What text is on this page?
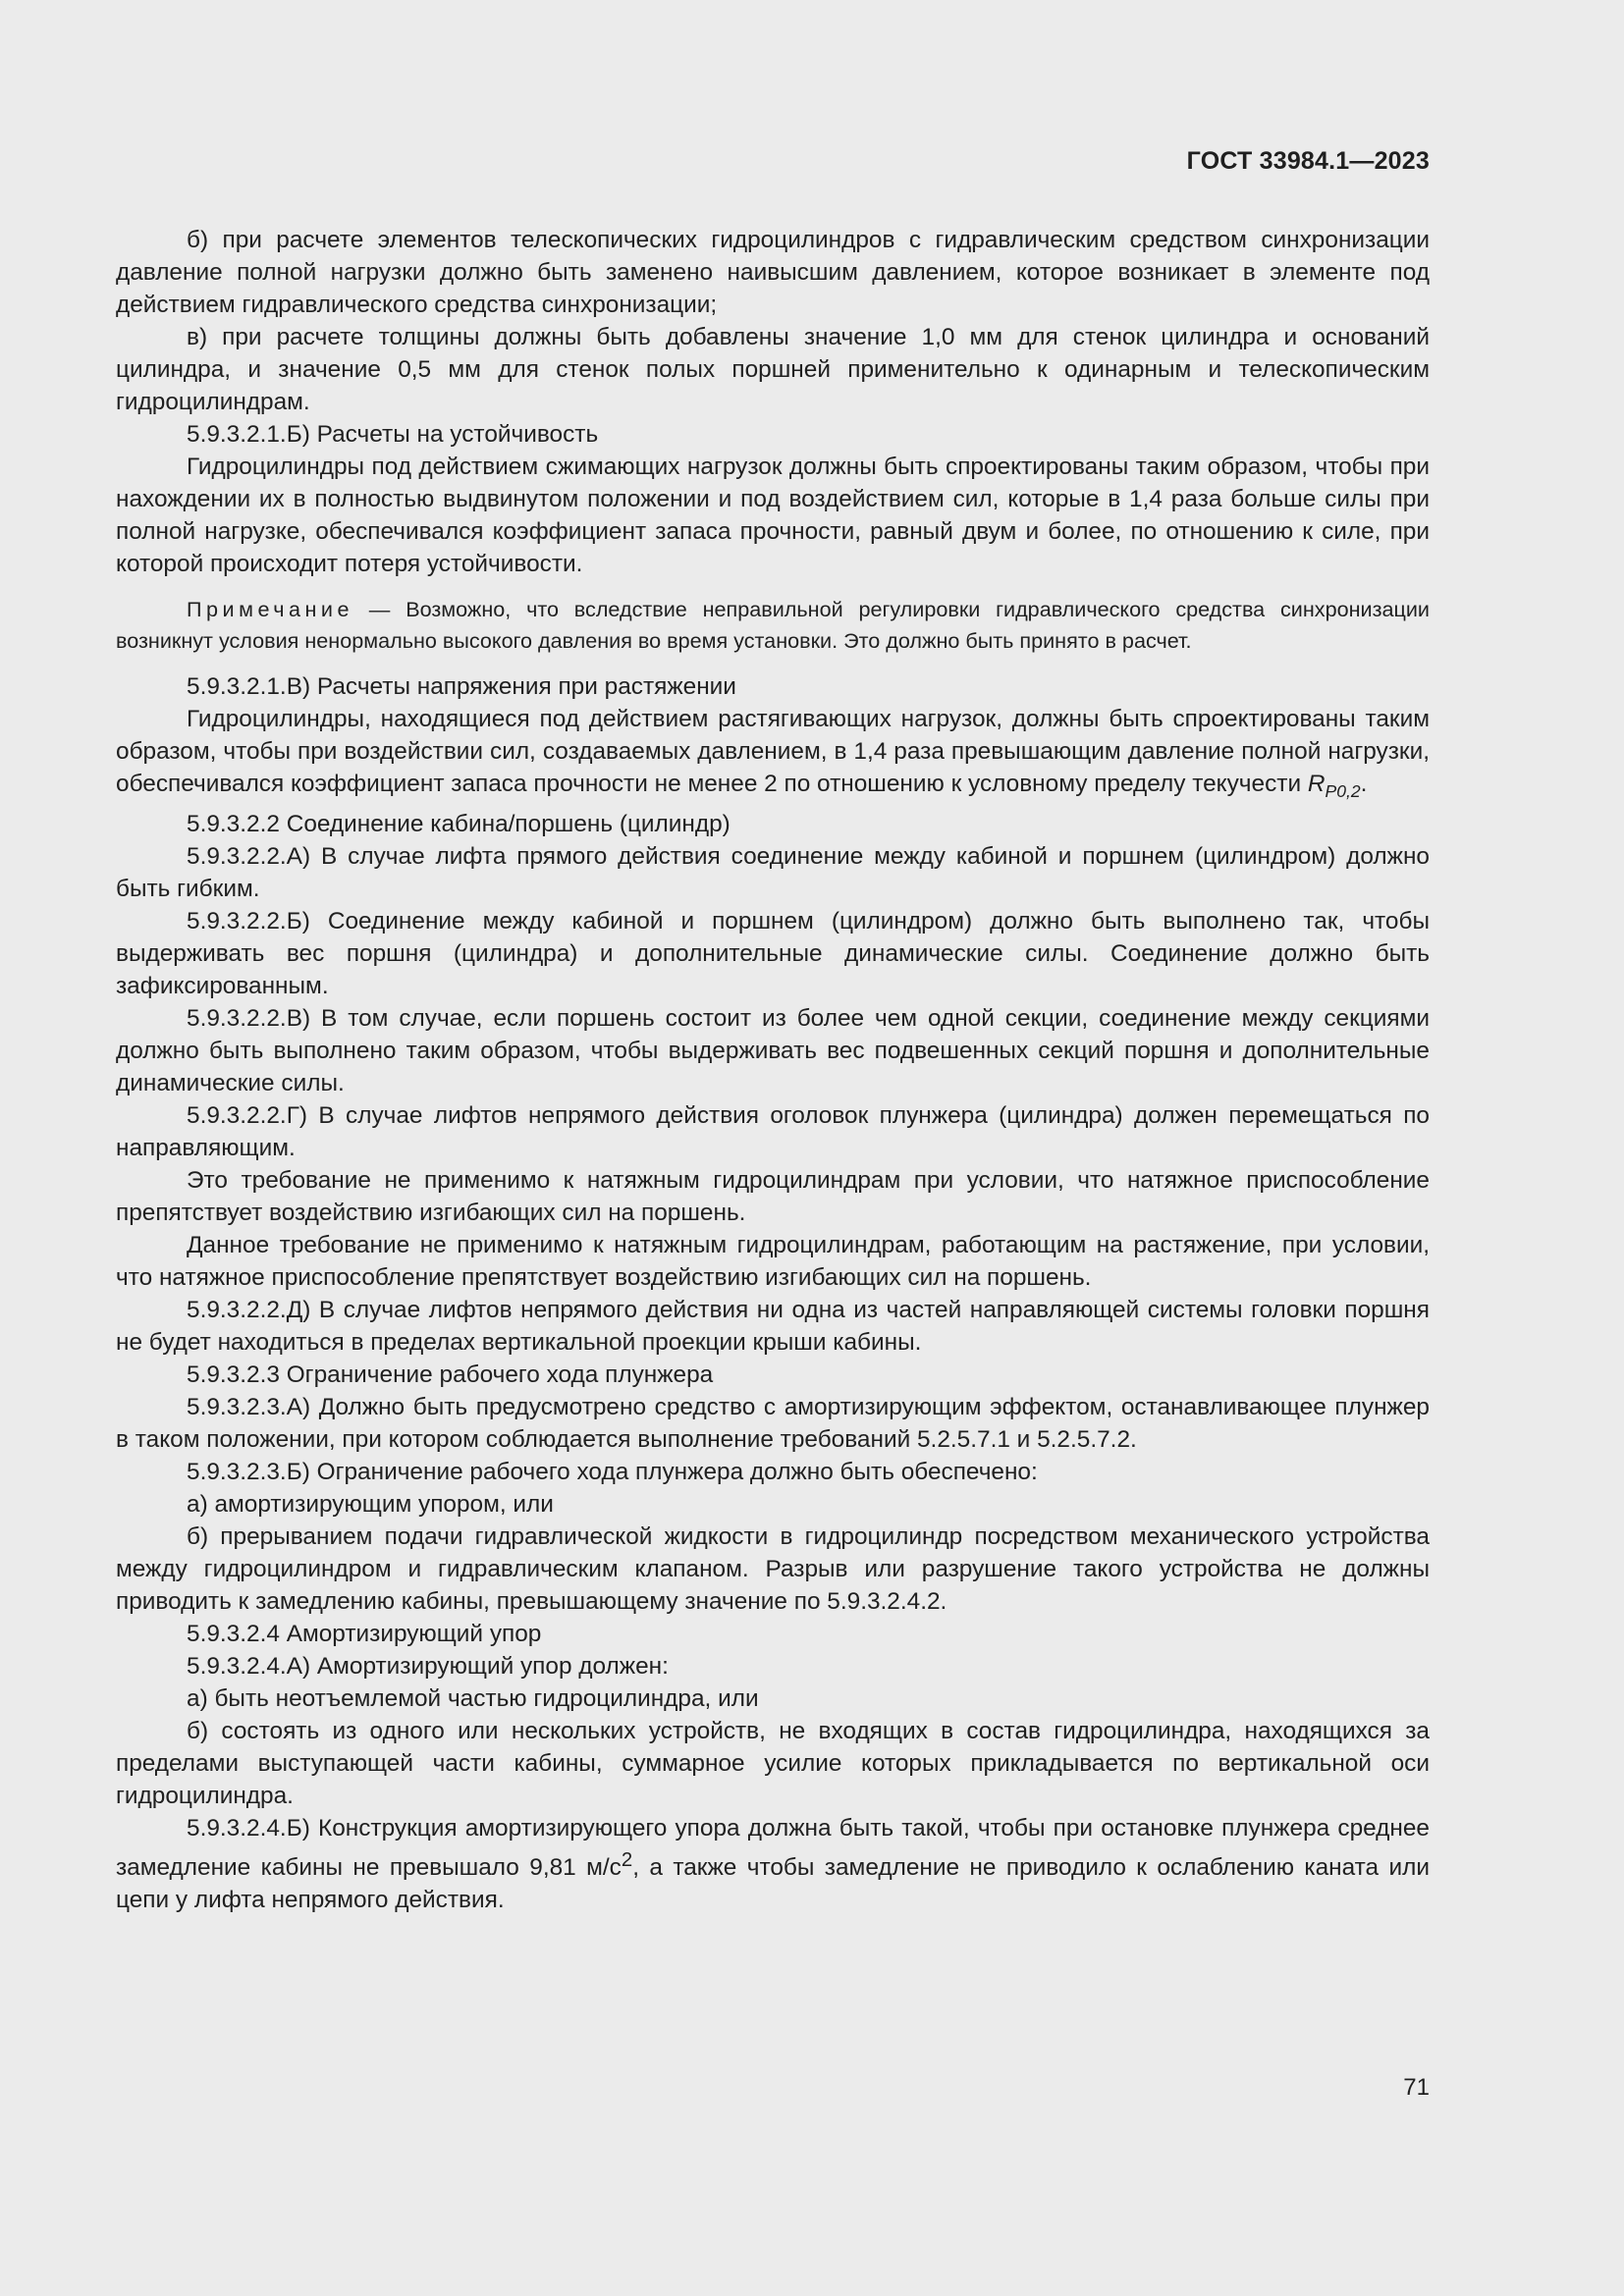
ГОСТ 33984.1—2023

б) при расчете элементов телескопических гидроцилиндров с гидравлическим средством синхронизации давление полной нагрузки должно быть заменено наивысшим давлением, которое возникает в элементе под действием гидравлического средства синхронизации;

в) при расчете толщины должны быть добавлены значение 1,0 мм для стенок цилиндра и оснований цилиндра, и значение 0,5 мм для стенок полых поршней применительно к одинарным и телескопическим гидроцилиндрам.

5.9.3.2.1.Б) Расчеты на устойчивость

Гидроцилиндры под действием сжимающих нагрузок должны быть спроектированы таким образом, чтобы при нахождении их в полностью выдвинутом положении и под воздействием сил, которые в 1,4 раза больше силы при полной нагрузке, обеспечивался коэффициент запаса прочности, равный двум и более, по отношению к силе, при которой происходит потеря устойчивости.

Примечание — Возможно, что вследствие неправильной регулировки гидравлического средства синхронизации возникнут условия ненормально высокого давления во время установки. Это должно быть принято в расчет.

5.9.3.2.1.В) Расчеты напряжения при растяжении

Гидроцилиндры, находящиеся под действием растягивающих нагрузок, должны быть спроектированы таким образом, чтобы при воздействии сил, создаваемых давлением, в 1,4 раза превышающим давление полной нагрузки, обеспечивался коэффициент запаса прочности не менее 2 по отношению к условному пределу текучести $R_{P0,2}$.

5.9.3.2.2 Соединение кабина/поршень (цилиндр)

5.9.3.2.2.А) В случае лифта прямого действия соединение между кабиной и поршнем (цилиндром) должно быть гибким.

5.9.3.2.2.Б) Соединение между кабиной и поршнем (цилиндром) должно быть выполнено так, чтобы выдерживать вес поршня (цилиндра) и дополнительные динамические силы. Соединение должно быть зафиксированным.

5.9.3.2.2.В) В том случае, если поршень состоит из более чем одной секции, соединение между секциями должно быть выполнено таким образом, чтобы выдерживать вес подвешенных секций поршня и дополнительные динамические силы.

5.9.3.2.2.Г) В случае лифтов непрямого действия оголовок плунжера (цилиндра) должен перемещаться по направляющим.

Это требование не применимо к натяжным гидроцилиндрам при условии, что натяжное приспособление препятствует воздействию изгибающих сил на поршень.

Данное требование не применимо к натяжным гидроцилиндрам, работающим на растяжение, при условии, что натяжное приспособление препятствует воздействию изгибающих сил на поршень.

5.9.3.2.2.Д) В случае лифтов непрямого действия ни одна из частей направляющей системы головки поршня не будет находиться в пределах вертикальной проекции крыши кабины.

5.9.3.2.3 Ограничение рабочего хода плунжера

5.9.3.2.3.А) Должно быть предусмотрено средство с амортизирующим эффектом, останавливающее плунжер в таком положении, при котором соблюдается выполнение требований 5.2.5.7.1 и 5.2.5.7.2.

5.9.3.2.3.Б) Ограничение рабочего хода плунжера должно быть обеспечено:

а) амортизирующим упором, или

б) прерыванием подачи гидравлической жидкости в гидроцилиндр посредством механического устройства между гидроцилиндром и гидравлическим клапаном. Разрыв или разрушение такого устройства не должны приводить к замедлению кабины, превышающему значение по 5.9.3.2.4.2.

5.9.3.2.4 Амортизирующий упор

5.9.3.2.4.А) Амортизирующий упор должен:

а) быть неотъемлемой частью гидроцилиндра, или

б) состоять из одного или нескольких устройств, не входящих в состав гидроцилиндра, находящихся за пределами выступающей части кабины, суммарное усилие которых прикладывается по вертикальной оси гидроцилиндра.

5.9.3.2.4.Б) Конструкция амортизирующего упора должна быть такой, чтобы при остановке плунжера среднее замедление кабины не превышало 9,81 $м/с^2$, а также чтобы замедление не приводило к ослаблению каната или цепи у лифта непрямого действия.

71
